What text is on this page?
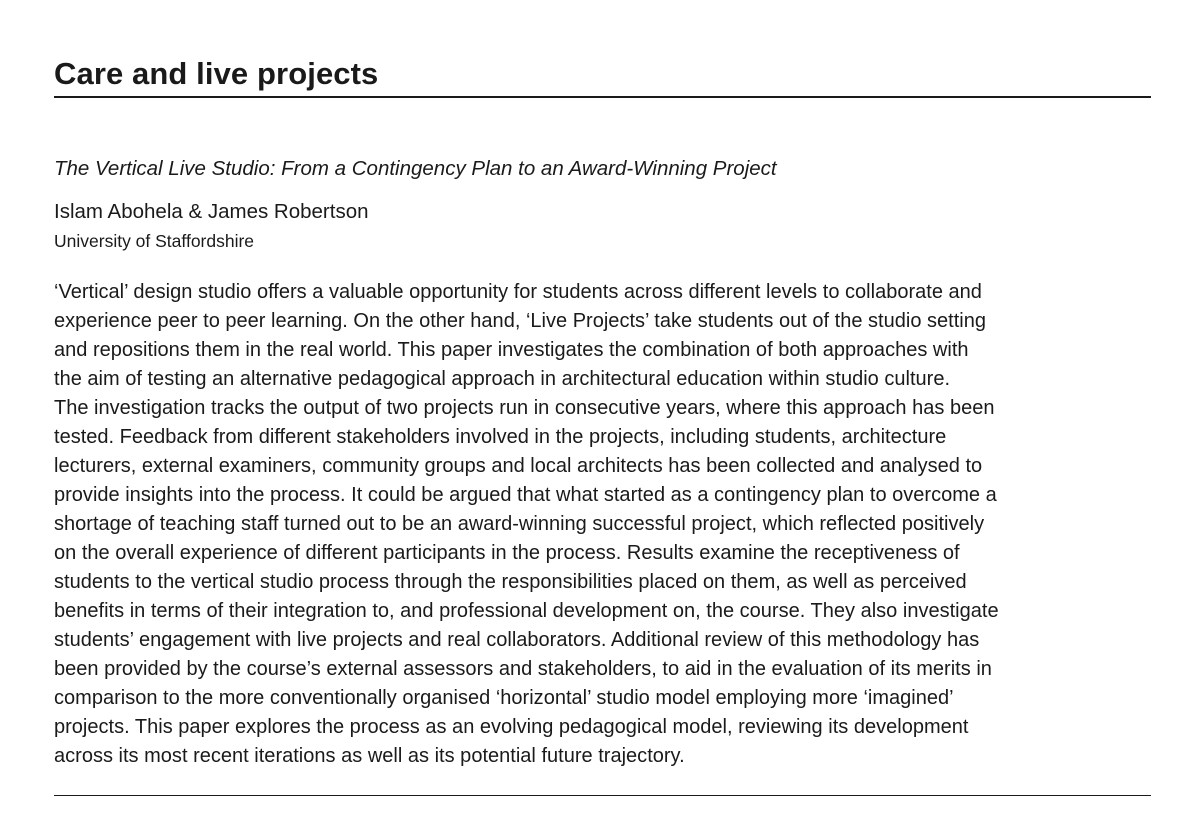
Care and live projects
The Vertical Live Studio: From a Contingency Plan to an Award-Winning Project
Islam Abohela & James Robertson
University of Staffordshire
‘Vertical’ design studio offers a valuable opportunity for students across different levels to collaborate and
experience peer to peer learning. On the other hand, ‘Live Projects’ take students out of the studio setting
and repositions them in the real world. This paper investigates the combination of both approaches with
the aim of testing an alternative pedagogical approach in architectural education within studio culture.
The investigation tracks the output of two projects run in consecutive years, where this approach has been
tested. Feedback from different stakeholders involved in the projects, including students, architecture
lecturers, external examiners, community groups and local architects has been collected and analysed to
provide insights into the process. It could be argued that what started as a contingency plan to overcome a
shortage of teaching staff turned out to be an award-winning successful project, which reflected positively
on the overall experience of different participants in the process. Results examine the receptiveness of
students to the vertical studio process through the responsibilities placed on them, as well as perceived
benefits in terms of their integration to, and professional development on, the course. They also investigate
students’ engagement with live projects and real collaborators. Additional review of this methodology has
been provided by the course’s external assessors and stakeholders, to aid in the evaluation of its merits in
comparison to the more conventionally organised ‘horizontal’ studio model employing more ‘imagined’
projects. This paper explores the process as an evolving pedagogical model, reviewing its development
across its most recent iterations as well as its potential future trajectory.
